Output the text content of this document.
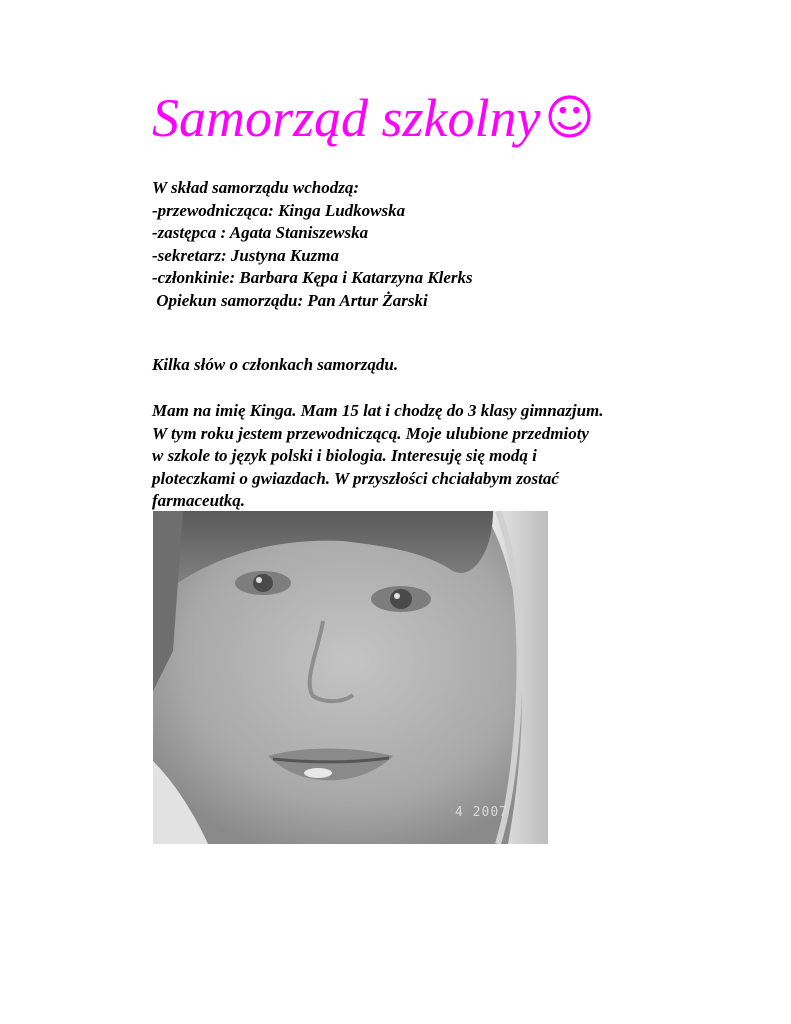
Samorząd szkolny☺
W skład samorządu wchodzą:
-przewodnicząca: Kinga Ludkowska
-zastępca : Agata Staniszewska
-sekretarz: Justyna Kuzma
-członkinie: Barbara Kępa i Katarzyna Klerks
Opiekun samorządu: Pan Artur Żarski
Kilka słów o członkach samorządu.
Mam na imię Kinga. Mam 15 lat i chodzę do 3 klasy gimnazjum.
W tym roku jestem przewodniczącą. Moje ulubione przedmioty
w szkole to język polski i biologia. Interesuję się modą i
ploteczkami o gwiazdach. W przyszłości chciałabym zostać
farmaceutką.
4 2007
